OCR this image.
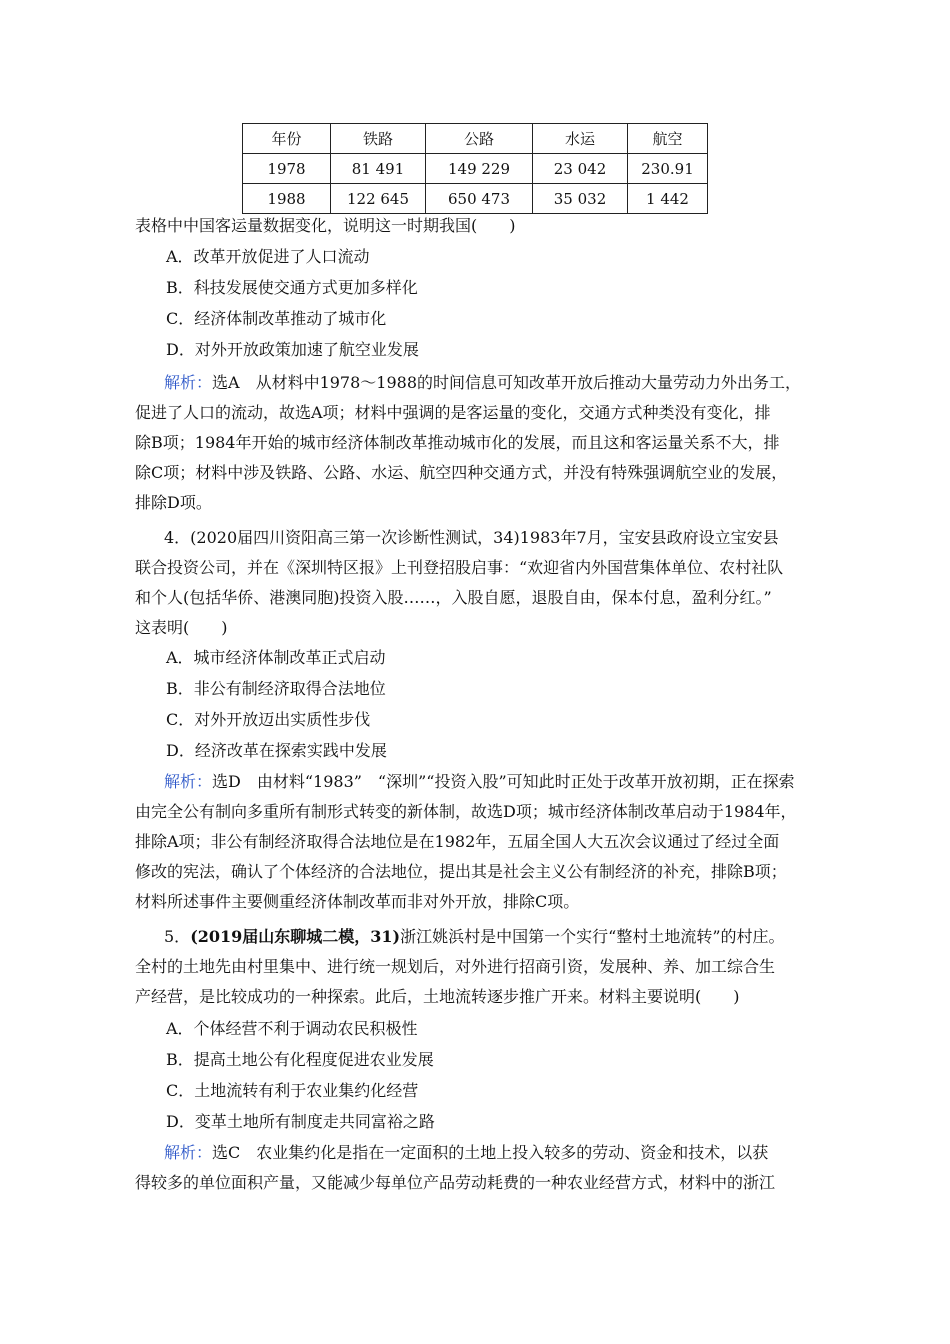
年份	铁路	公路	水运	航空
1978	81 491	149 229	23 042	230.91
1988	122 645	650 473	35 032	1 442
表格中中国客运量数据变化，说明这一时期我国(　　)
A．改革开放促进了人口流动
B．科技发展使交通方式更加多样化
C．经济体制改革推动了城市化
D．对外开放政策加速了航空业发展
解析：选A　从材料中1978～1988的时间信息可知改革开放后推动大量劳动力外出务工，
促进了人口的流动，故选A项；材料中强调的是客运量的变化，交通方式种类没有变化，排
除B项；1984年开始的城市经济体制改革推动城市化的发展，而且这和客运量关系不大，排
除C项；材料中涉及铁路、公路、水运、航空四种交通方式，并没有特殊强调航空业的发展，
排除D项。
4．(2020届四川资阳高三第一次诊断性测试，34)1983年7月，宝安县政府设立宝安县
联合投资公司，并在《深圳特区报》上刊登招股启事：“欢迎省内外国营集体单位、农村社队
和个人(包括华侨、港澳同胞)投资入股……，入股自愿，退股自由，保本付息，盈利分红。”
这表明(　　)
A．城市经济体制改革正式启动
B．非公有制经济取得合法地位
C．对外开放迈出实质性步伐
D．经济改革在探索实践中发展
解析：选D　由材料“1983”　“深圳”“投资入股”可知此时正处于改革开放初期，正在探索
由完全公有制向多重所有制形式转变的新体制，故选D项；城市经济体制改革启动于1984年，
排除A项；非公有制经济取得合法地位是在1982年，五届全国人大五次会议通过了经过全面
修改的宪法，确认了个体经济的合法地位，提出其是社会主义公有制经济的补充，排除B项；
材料所述事件主要侧重经济体制改革而非对外开放，排除C项。
5．(2019届山东聊城二模，31)浙江姚浜村是中国第一个实行“整村土地流转”的村庄。
全村的土地先由村里集中、进行统一规划后，对外进行招商引资，发展种、养、加工综合生
产经营，是比较成功的一种探索。此后，土地流转逐步推广开来。材料主要说明(　　)
A．个体经营不利于调动农民积极性
B．提高土地公有化程度促进农业发展
C．土地流转有利于农业集约化经营
D．变革土地所有制度走共同富裕之路
解析：选C　农业集约化是指在一定面积的土地上投入较多的劳动、资金和技术，以获
得较多的单位面积产量，又能减少每单位产品劳动耗费的一种农业经营方式，材料中的浙江
